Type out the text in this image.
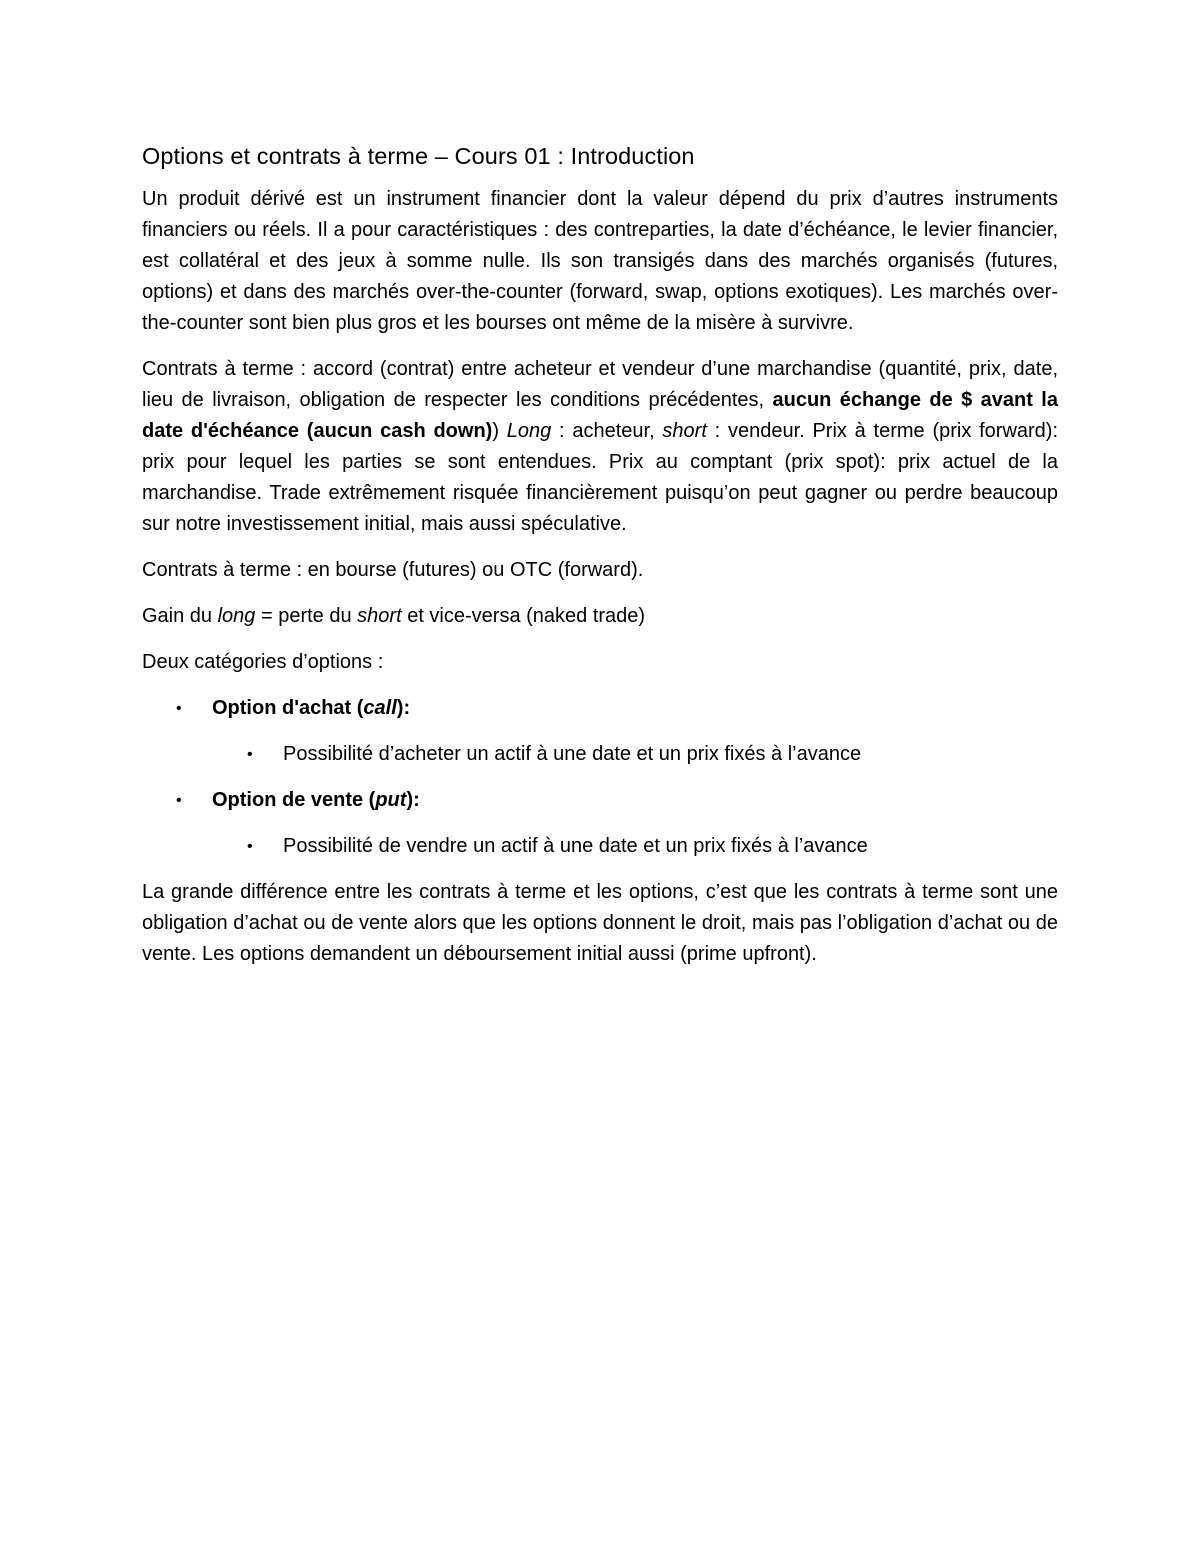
Options et contrats à terme – Cours 01 : Introduction

Un produit dérivé est un instrument financier dont la valeur dépend du prix d’autres instruments financiers ou réels. Il a pour caractéristiques : des contreparties, la date d’échéance, le levier financier, est collatéral et des jeux à somme nulle. Ils son transigés dans des marchés organisés (futures, options) et dans des marchés over-the-counter (forward, swap, options exotiques). Les marchés over-the-counter sont bien plus gros et les bourses ont même de la misère à survivre.

Contrats à terme : accord (contrat) entre acheteur et vendeur d’une marchandise (quantité, prix, date, lieu de livraison, obligation de respecter les conditions précédentes, aucun échange de $ avant la date d'échéance (aucun cash down)) Long : acheteur, short : vendeur. Prix à terme (prix forward): prix pour lequel les parties se sont entendues. Prix au comptant (prix spot): prix actuel de la marchandise. Trade extrêmement risquée financièrement puisqu’on peut gagner ou perdre beaucoup sur notre investissement initial, mais aussi spéculative.

Contrats à terme : en bourse (futures) ou OTC (forward).

Gain du long = perte du short et vice-versa (naked trade)

Deux catégories d’options :

• Option d'achat (call):
• Possibilité d’acheter un actif à une date et un prix fixés à l’avance
• Option de vente (put):
• Possibilité de vendre un actif à une date et un prix fixés à l’avance

La grande différence entre les contrats à terme et les options, c’est que les contrats à terme sont une obligation d’achat ou de vente alors que les options donnent le droit, mais pas l’obligation d’achat ou de vente. Les options demandent un déboursement initial aussi (prime upfront).
